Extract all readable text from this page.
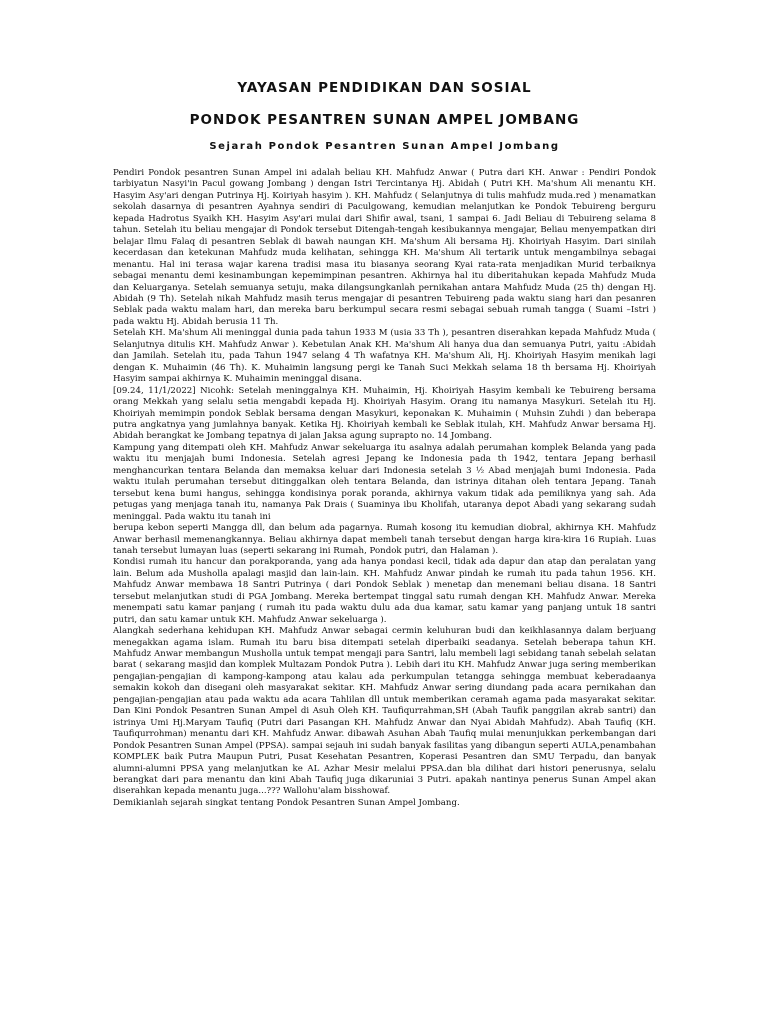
YAYASAN PENDIDIKAN DAN SOSIAL
PONDOK PESANTREN SUNAN AMPEL JOMBANG
Sejarah Pondok Pesantren Sunan Ampel Jombang

Pendiri Pondok pesantren Sunan Ampel ini adalah beliau KH. Mahfudz Anwar ( Putra dari KH. Anwar : Pendiri Pondok tarbiyatun Nasyi'in Pacul gowang Jombang ) dengan Istri Tercintanya Hj. Abidah ( Putri KH. Ma'shum Ali menantu KH. Hasyim Asy'ari dengan Putrinya Hj. Koiriyah hasyim ). KH. Mahfudz ( Selanjutnya di tulis mahfudz muda.red ) menamatkan sekolah dasarnya di pesantren Ayahnya sendiri di Paculgowang, kemudian melanjutkan ke Pondok Tebuireng berguru kepada Hadrotus Syaikh KH. Hasyim Asy'ari mulai dari Shifir awal, tsani, 1 sampai 6. Jadi Beliau di Tebuireng selama 8 tahun. Setelah itu beliau mengajar di Pondok tersebut Ditengah-tengah kesibukannya mengajar, Beliau menyempatkan diri belajar Ilmu Falaq di pesantren Seblak di bawah naungan KH. Ma'shum Ali bersama Hj. Khoiriyah Hasyim. Dari sinilah kecerdasan dan ketekunan Mahfudz muda kelihatan, sehingga KH. Ma'shum Ali tertarik untuk mengambilnya sebagai menantu. Hal ini terasa wajar karena tradisi masa itu biasanya seorang Kyai rata-rata menjadikan Murid terbaiknya sebagai menantu demi kesinambungan kepemimpinan pesantren. Akhirnya hal itu diberitahukan kepada Mahfudz Muda dan Keluarganya. Setelah semuanya setuju, maka dilangsungkanlah pernikahan antara Mahfudz Muda (25 th) dengan Hj. Abidah (9 Th). Setelah nikah Mahfudz masih terus mengajar di pesantren Tebuireng pada waktu siang hari dan pesanren Seblak pada waktu malam hari, dan mereka baru berkumpul secara resmi sebagai sebuah rumah tangga ( Suami –Istri ) pada waktu Hj. Abidah berusia 11 Th.

Setelah KH. Ma'shum Ali meninggal dunia pada tahun 1933 M (usia 33 Th ), pesantren diserahkan kepada Mahfudz Muda ( Selanjutnya ditulis KH. Mahfudz Anwar ). Kebetulan Anak KH. Ma'shum Ali hanya dua dan semuanya Putri, yaitu :Abidah dan Jamilah. Setelah itu, pada Tahun 1947 selang 4 Th wafatnya KH. Ma'shum Ali, Hj. Khoiriyah Hasyim menikah lagi dengan K. Muhaimin (46 Th). K. Muhaimin langsung pergi ke Tanah Suci Mekkah selama 18 th bersama Hj. Khoiriyah Hasyim sampai akhirnya K. Muhaimin meninggal disana.

[09.24, 11/1/2022] Nicohk: Setelah meninggalnya KH. Muhaimin, Hj. Khoiriyah Hasyim kembali ke Tebuireng bersama orang Mekkah yang selalu setia mengabdi kepada Hj. Khoiriyah Hasyim. Orang itu namanya Masykuri. Setelah itu Hj. Khoiriyah memimpin pondok Seblak bersama dengan Masykuri, keponakan K. Muhaimin ( Muhsin Zuhdi ) dan beberapa putra angkatnya yang jumlahnya banyak. Ketika Hj. Khoiriyah kembali ke Seblak itulah, KH. Mahfudz Anwar bersama Hj. Abidah berangkat ke Jombang tepatnya di jalan Jaksa agung suprapto no. 14 Jombang.

Kampung yang ditempati oleh KH. Mahfudz Anwar sekeluarga itu asalnya adalah perumahan komplek Belanda yang pada waktu itu menjajah bumi Indonesia. Setelah agresi Jepang ke Indonesia pada th 1942, tentara Jepang berhasil menghancurkan tentara Belanda dan memaksa keluar dari Indonesia setelah 3 ½ Abad menjajah bumi Indonesia. Pada waktu itulah perumahan tersebut ditinggalkan oleh tentara Belanda, dan istrinya ditahan oleh tentara Jepang. Tanah tersebut kena bumi hangus, sehingga kondisinya porak poranda, akhirnya vakum tidak ada pemiliknya yang sah. Ada petugas yang menjaga tanah itu, namanya Pak Drais ( Suaminya ibu Kholifah, utaranya depot Abadi yang sekarang sudah meninggal. Pada waktu itu tanah ini

berupa kebon seperti Mangga dll, dan belum ada pagarnya. Rumah kosong itu kemudian diobral, akhirnya KH. Mahfudz Anwar berhasil memenangkannya. Beliau akhirnya dapat membeli tanah tersebut dengan harga kira-kira 16 Rupiah. Luas tanah tersebut lumayan luas (seperti sekarang ini Rumah, Pondok putri, dan Halaman ).

Kondisi rumah itu hancur dan porakporanda, yang ada hanya pondasi kecil, tidak ada dapur dan atap dan peralatan yang lain. Belum ada Musholla apalagi masjid dan lain-lain. KH. Mahfudz Anwar pindah ke rumah itu pada tahun 1956. KH. Mahfudz Anwar membawa 18 Santri Putrinya ( dari Pondok Seblak ) menetap dan menemani beliau disana. 18 Santri tersebut melanjutkan studi di PGA Jombang. Mereka bertempat tinggal satu rumah dengan KH. Mahfudz Anwar. Mereka menempati satu kamar panjang ( rumah itu pada waktu dulu ada dua kamar, satu kamar yang panjang untuk 18 santri putri, dan satu kamar untuk KH. Mahfudz Anwar sekeluarga ).

Alangkah sederhana kehidupan KH. Mahfudz Anwar sebagai cermin keluhuran budi dan keikhlasannya dalam berjuang menegakkan agama islam. Rumah itu baru bisa ditempati setelah diperbaiki seadanya. Setelah beberapa tahun KH. Mahfudz Anwar membangun Musholla untuk tempat mengaji para Santri, lalu membeli lagi sebidang tanah sebelah selatan barat ( sekarang masjid dan komplek Multazam Pondok Putra ). Lebih dari itu KH. Mahfudz Anwar juga sering memberikan pengajian-pengajian di kampong-kampong atau kalau ada perkumpulan tetangga sehingga membuat keberadaanya semakin kokoh dan disegani oleh masyarakat sekitar. KH. Mahfudz Anwar sering diundang pada acara pernikahan dan pengajian-pengajian atau pada waktu ada acara Tahlilan dll untuk memberikan ceramah agama pada masyarakat sekitar. Dan Kini Pondok Pesantren Sunan Ampel di Asuh Oleh KH. Taufiqurrahman,SH (Abah Taufik panggilan akrab santri) dan istrinya Umi Hj.Maryam Taufiq (Putri dari Pasangan KH. Mahfudz Anwar dan Nyai Abidah Mahfudz). Abah Taufiq (KH. Taufiqurrohman) menantu dari KH. Mahfudz Anwar. dibawah Asuhan Abah Taufiq mulai menunjukkan perkembangan dari Pondok Pesantren Sunan Ampel (PPSA). sampai sejauh ini sudah banyak fasilitas yang dibangun seperti AULA,penambahan KOMPLEK baik Putra Maupun Putri, Pusat Kesehatan Pesantren, Koperasi Pesantren dan SMU Terpadu, dan banyak alumni-alumni PPSA yang melanjutkan ke AL Azhar Mesir melalui PPSA.dan bla dilihat dari histori penerusnya, selalu berangkat dari para menantu dan kini Abah Taufiq juga dikaruniai 3 Putri. apakah nantinya penerus Sunan Ampel akan diserahkan kepada menantu juga...??? Wallohu'alam bisshowaf.

Demikianlah sejarah singkat tentang Pondok Pesantren Sunan Ampel Jombang.
